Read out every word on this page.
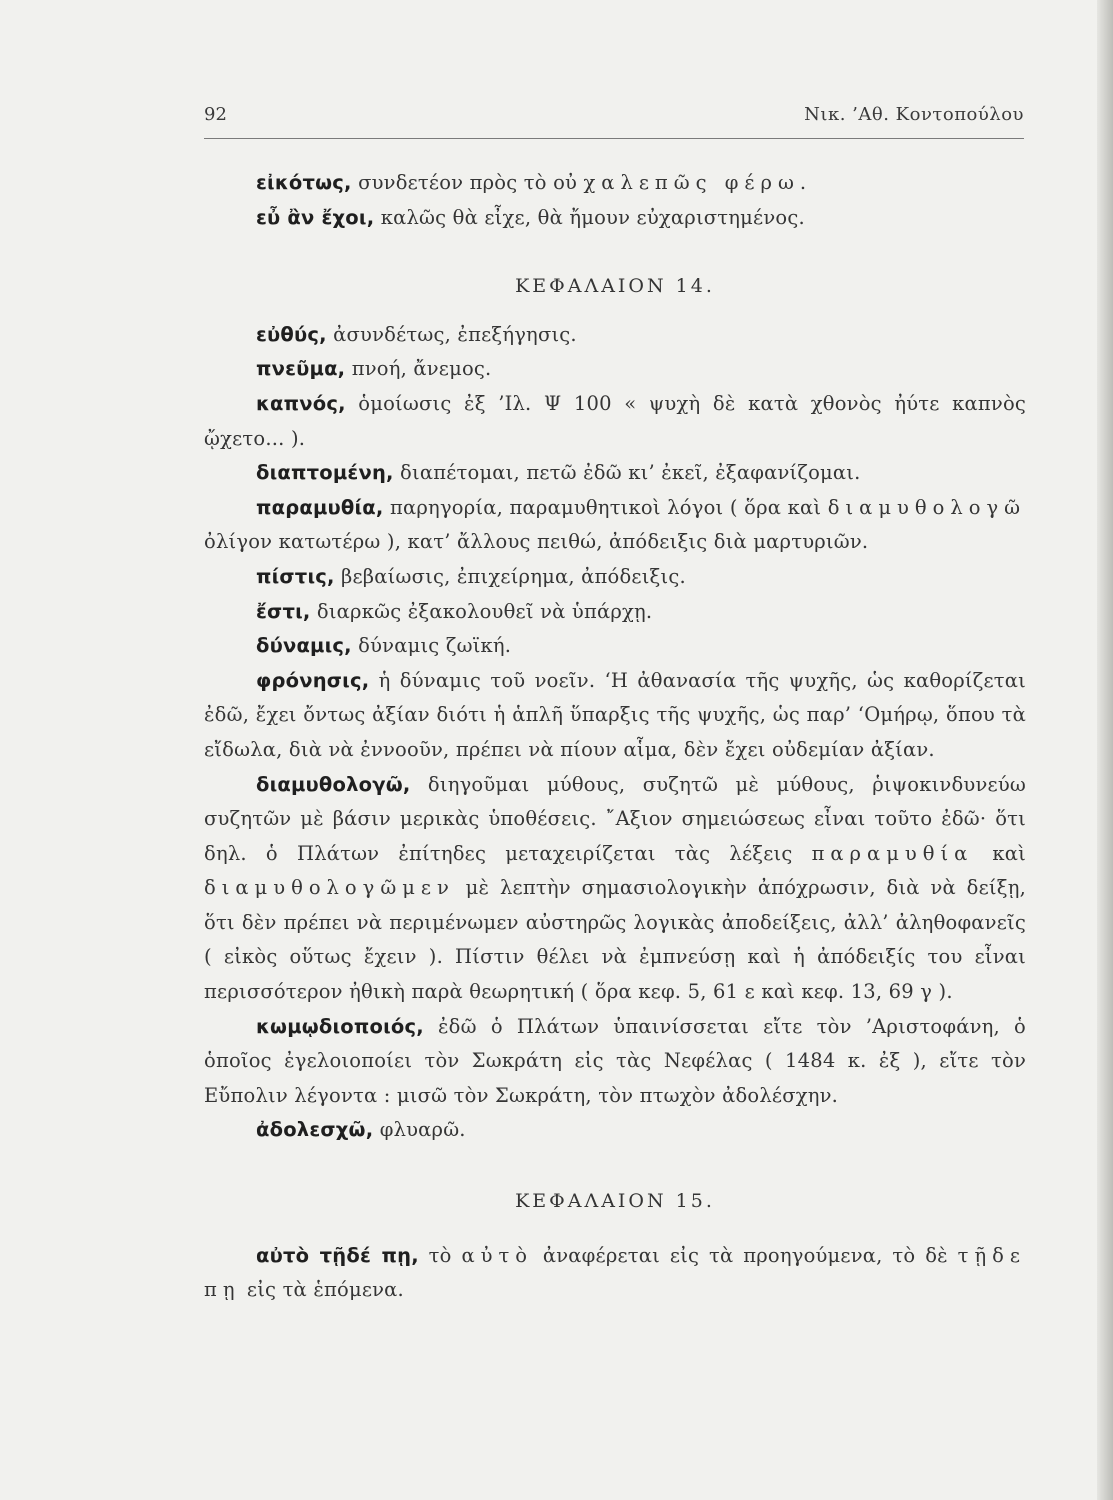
92	Νικ. ’Αθ. Κοντοπούλου

εἰκότως, συνδετέον πρὸς τὸ οὐ χαλεπῶς φέρω.

εὖ ἂν ἔχοι, καλῶς θὰ εἶχε, θὰ ἤμουν εὐχαριστημένος.

ΚΕΦΑΛΑΙΟΝ 14.

εὐθύς, ἀσυνδέτως, ἐπεξήγησις.

πνεῦμα, πνοή, ἄνεμος.

καπνός, ὁμοίωσις ἐξ ’Ιλ. Ψ 100 « ψυχὴ δὲ κατὰ χθονὸς ἠύτε καπνὸς ᾤχετο... ).

διαπτομένη, διαπέτομαι, πετῶ ἐδῶ κι’ ἐκεῖ, ἐξαφανίζομαι.

παραμυθία, παρηγορία, παραμυθητικοὶ λόγοι ( ὅρα καὶ διαμυθολογῶ ὀλίγον κατωτέρω ), κατ’ ἄλλους πειθώ, ἀπόδειξις διὰ μαρτυριῶν.

πίστις, βεβαίωσις, ἐπιχείρημα, ἀπόδειξις.

ἔστι, διαρκῶς ἐξακολουθεῖ νὰ ὑπάρχῃ.

δύναμις, δύναμις ζωϊκή.

φρόνησις, ἡ δύναμις τοῦ νοεῖν. ‘Η ἀθανασία τῆς ψυχῆς, ὡς καθορίζεται ἐδῶ, ἔχει ὄντως ἀξίαν διότι ἡ ἁπλῆ ὕπαρξις τῆς ψυχῆς, ὡς παρ’ ‘Ομήρῳ, ὅπου τὰ εἴδωλα, διὰ νὰ ἐννοοῦν, πρέπει νὰ πίουν αἷμα, δὲν ἔχει οὐδεμίαν ἀξίαν.

διαμυθολογῶ, διηγοῦμαι μύθους, συζητῶ μὲ μύθους, ῥιψοκινδυνεύω συζητῶν μὲ βάσιν μερικὰς ὑποθέσεις. ῎Αξιον σημειώσεως εἶναι τοῦτο ἐδῶ· ὅτι δηλ. ὁ Πλάτων ἐπίτηδες μεταχειρίζεται τὰς λέξεις παραμυθία καὶ διαμυθολογῶμεν μὲ λεπτὴν σημασιολογικὴν ἀπόχρωσιν, διὰ νὰ δείξῃ, ὅτι δὲν πρέπει νὰ περιμένωμεν αὐστηρῶς λογικὰς ἀποδείξεις, ἀλλ’ ἀληθοφανεῖς ( εἰκὸς οὕτως ἔχειν ). Πίστιν θέλει νὰ ἐμπνεύσῃ καὶ ἡ ἀπόδειξίς του εἶναι περισσότερον ἠθικὴ παρὰ θεωρητική ( ὅρα κεφ. 5, 61 ε καὶ κεφ. 13, 69 γ ).

κωμῳδιοποιός, ἐδῶ ὁ Πλάτων ὑπαινίσσεται εἴτε τὸν ’Αριστοφάνη, ὁ ὁποῖος ἐγελοιοποίει τὸν Σωκράτη εἰς τὰς Νεφέλας ( 1484 κ. ἐξ ), εἴτε τὸν Εὔπολιν λέγοντα : μισῶ τὸν Σωκράτη, τὸν πτωχὸν ἀδολέσχην.

ἀδολεσχῶ, φλυαρῶ.

ΚΕΦΑΛΑΙΟΝ 15.

αὐτὸ τῇδέ πῃ, τὸ αὐτὸ ἀναφέρεται εἰς τὰ προηγούμενα, τὸ δὲ τῇδε πῃ εἰς τὰ ἑπόμενα.
